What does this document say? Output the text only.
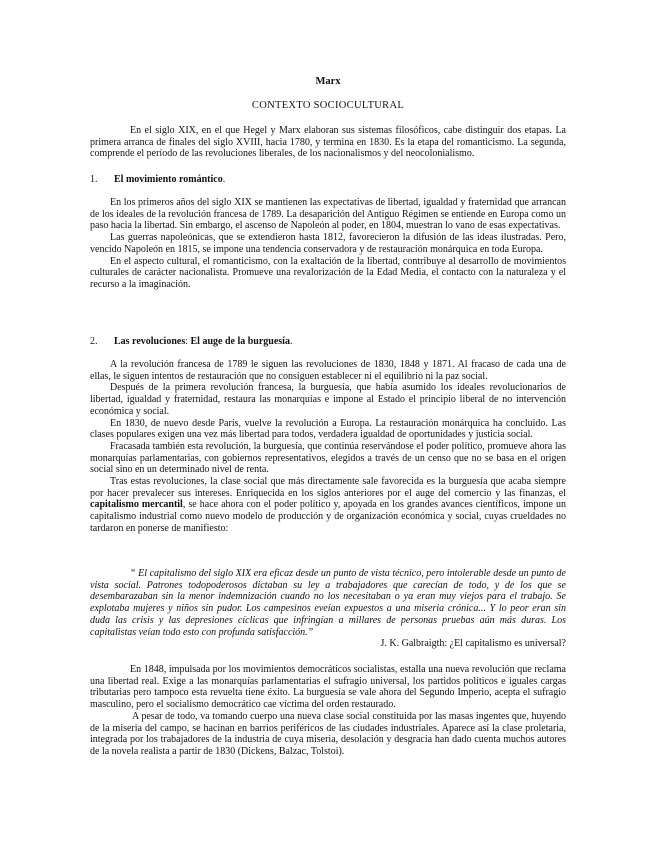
Marx
CONTEXTO SOCIOCULTURAL

En el siglo XIX, en el que Hegel y Marx elaboran sus sistemas filosóficos, cabe distinguir dos etapas. La primera arranca de finales del siglo XVIII, hacia 1780, y termina en 1830. Es la etapa del romanticismo. La segunda, comprende el período de las revoluciones liberales, de los nacionalismos y del neocolonialismo.

1. El movimiento romántico.

En los primeros años del siglo XIX se mantienen las expectativas de libertad, igualdad y fraternidad que arrancan de los ideales de la revolución francesa de 1789. La desaparición del Antiguo Régimen se entiende en Europa como un paso hacia la libertad. Sin embargo, el ascenso de Napoleón al poder, en 1804, muestran lo vano de esas expectativas.

Las guerras napoleónicas, que se extendieron hasta 1812, favorecieron la difusión de las ideas ilustradas. Pero, vencido Napoleón en 1815, se impone una tendencia conservadora y de restauración monárquica en toda Europa.

En el aspecto cultural, el romanticismo, con la exaltación de la libertad, contribuye al desarrollo de movimientos culturales de carácter nacionalista. Promueve una revalorización de la Edad Media, el contacto con la naturaleza y el recurso a la imaginación.

2. Las revoluciones: El auge de la burguesía.

A la revolución francesa de 1789 le siguen las revoluciones de 1830, 1848 y 1871. Al fracaso de cada una de ellas, le siguen intentos de restauración que no consiguen establecer ni el equilibrio ni la paz social.

Después de la primera revolución francesa, la burguesía, que había asumido los ideales revolucionarios de libertad, igualdad y fraternidad, restaura las monarquías e impone al Estado el principio liberal de no intervención económica y social.

En 1830, de nuevo desde París, vuelve la revolución a Europa. La restauración monárquica ha concluido. Las clases populares exigen una vez más libertad para todos, verdadera igualdad de oportunidades y justicia social.

Fracasada también esta revolución, la burguesía, que continúa reservándose el poder político, promueve ahora las monarquías parlamentarias, con gobiernos representativos, elegidos a través de un censo que no se basa en el origen social sino en un determinado nivel de renta.

Tras estas revoluciones, la clase social que más directamente sale favorecida es la burguesía que acaba siempre por hacer prevalecer sus intereses. Enriquecida en los siglos anteriores por el auge del comercio y las finanzas, el capitalismo mercantil, se hace ahora con el poder político y, apoyada en los grandes avances científicos, impone un capitalismo industrial como nuevo modelo de producción y de organización económica y social, cuyas crueldades no tardaron en ponerse de manifiesto:

“ El capitalismo del siglo XIX era eficaz desde un punto de vista técnico, pero intolerable desde un punto de vista social. Patrones todopoderosos dictaban su ley a trabajadores que carecían de todo, y de los que se desembarazaban sin la menor indemnización cuando no los necesitaban o ya eran muy viejos para el trabajo. Se explotaba mujeres y niños sin pudor. Los campesinos eveían expuestos a una miseria crónica... Y lo peor eran sin duda las crisis y las depresiones cíclicas que infringían a millares de personas pruebas aún más duras. Los capitalistas veían todo esto con profunda satisfacción.”

J. K. Galbraigth: ¿El capitalismo es universal?

En 1848, impulsada por los movimientos democráticos socialistas, estalla una nueva revolución que reclama una libertad real. Exige a las monarquías parlamentarias el sufragio universal, los partidos políticos e iguales cargas tributarias pero tampoco esta revuelta tiene éxito. La burguesía se vale ahora del Segundo Imperio, acepta el sufragio masculino, pero el socialismo democrático cae víctima del orden restaurado.

A pesar de todo, va tomando cuerpo una nueva clase social constituida por las masas ingentes que, huyendo de la miseria del campo, se hacinan en barrios periféricos de las ciudades industriales. Aparece así la clase proletaria, integrada por los trabajadores de la industria de cuya miseria, desolación y desgracia han dado cuenta muchos autores de la novela realista a partir de 1830 (Dickens, Balzac, Tolstoi).
